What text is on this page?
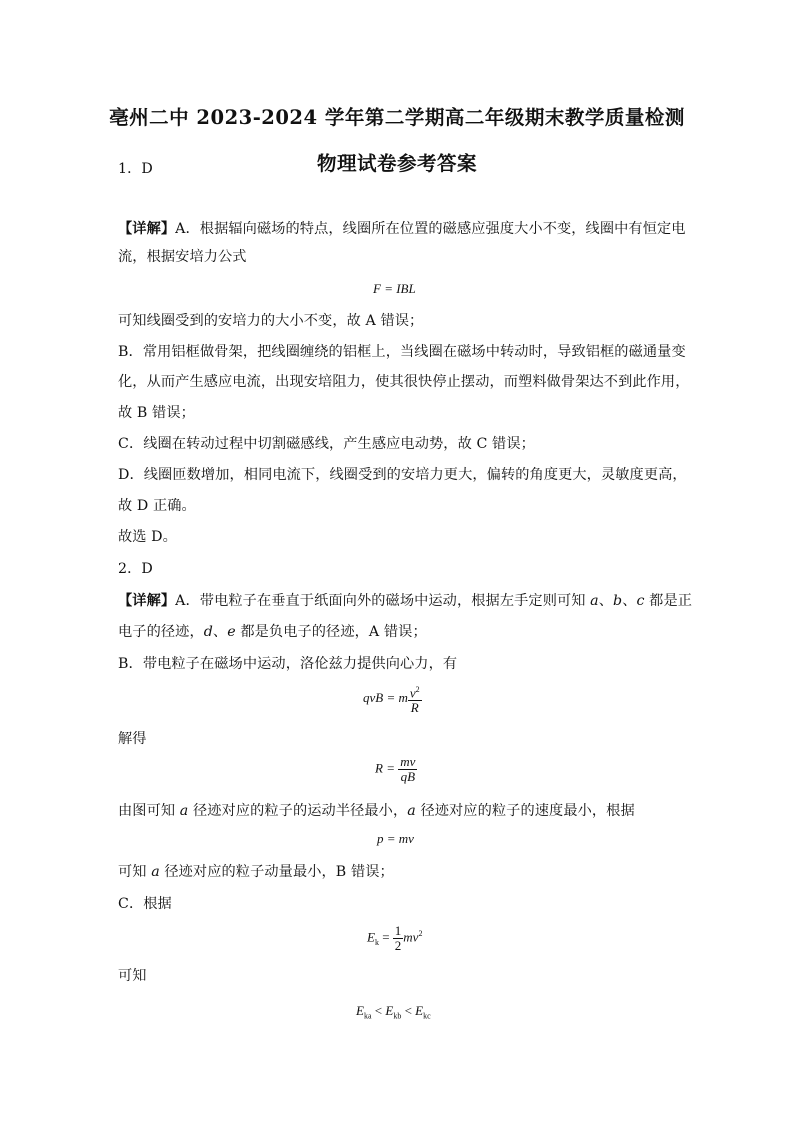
亳州二中 2023-2024 学年第二学期高二年级期末教学质量检测
物理试卷参考答案
1．D
【详解】A．根据辐向磁场的特点，线圈所在位置的磁感应强度大小不变，线圈中有恒定电
流，根据安培力公式
F = IBL
可知线圈受到的安培力的大小不变，故 A 错误；
B．常用铝框做骨架，把线圈缠绕的铝框上，当线圈在磁场中转动时，导致铝框的磁通量变
化，从而产生感应电流，出现安培阻力，使其很快停止摆动，而塑料做骨架达不到此作用，
故 B 错误；
C．线圈在转动过程中切割磁感线，产生感应电动势，故 C 错误；
D．线圈匝数增加，相同电流下，线圈受到的安培力更大，偏转的角度更大，灵敏度更高，
故 D 正确。
故选 D。
2．D
【详解】A．带电粒子在垂直于纸面向外的磁场中运动，根据左手定则可知 a、b、c 都是正
电子的径迹，d、e 都是负电子的径迹，A 错误；
B．带电粒子在磁场中运动，洛伦兹力提供向心力，有
qvB = m $\frac{v^2}{R}$
解得
$R = \frac{mv}{qB}$
由图可知 a 径迹对应的粒子的运动半径最小，a 径迹对应的粒子的速度最小，根据
p = mv
可知 a 径迹对应的粒子动量最小，B 错误；
C．根据
$E_k = \frac{1}{2} mv^2$
可知
$E_{ka} < E_{kb} < E_{kc}$
